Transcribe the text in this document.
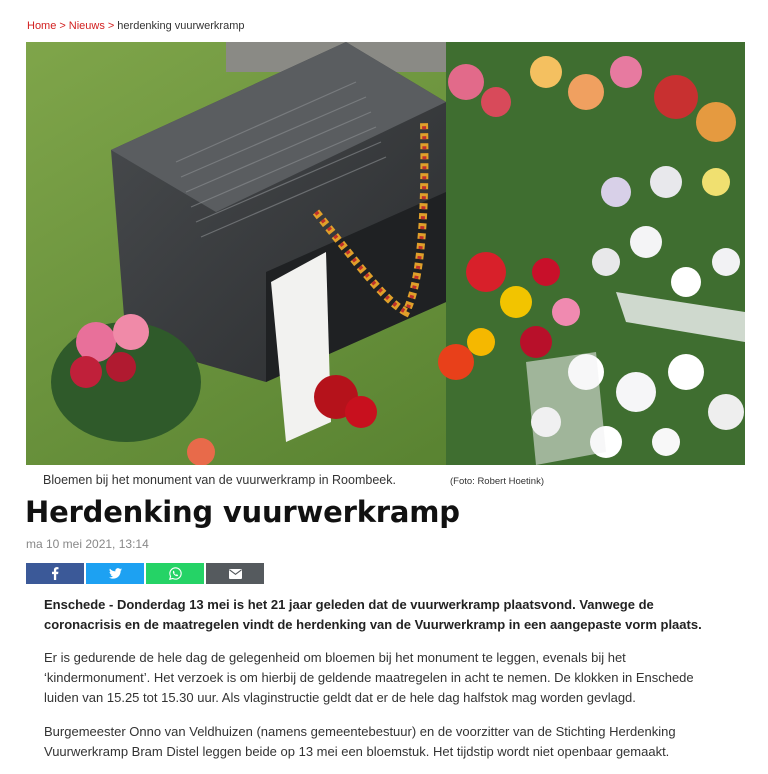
Home > Nieuws > herdenking vuurwerkramp
Bloemen bij het monument van de vuurwerkramp in Roombeek.	(Foto: Robert Hoetink)
Herdenking vuurwerkramp
ma 10 mei 2021, 13:14
Enschede - Donderdag 13 mei is het 21 jaar geleden dat de vuurwerkramp plaatsvond. Vanwege de
coronacrisis en de maatregelen vindt de herdenking van de Vuurwerkramp in een aangepaste vorm plaats.
Er is gedurende de hele dag de gelegenheid om bloemen bij het monument te leggen, evenals bij het
‘kindermonument’. Het verzoek is om hierbij de geldende maatregelen in acht te nemen. De klokken in Enschede
luiden van 15.25 tot 15.30 uur. Als vlaginstructie geldt dat er de hele dag halfstok mag worden gevlagd.
Burgemeester Onno van Veldhuizen (namens gemeentebestuur) en de voorzitter van de Stichting Herdenking
Vuurwerkramp Bram Distel leggen beide op 13 mei een bloemstuk. Het tijdstip wordt niet openbaar gemaakt.
